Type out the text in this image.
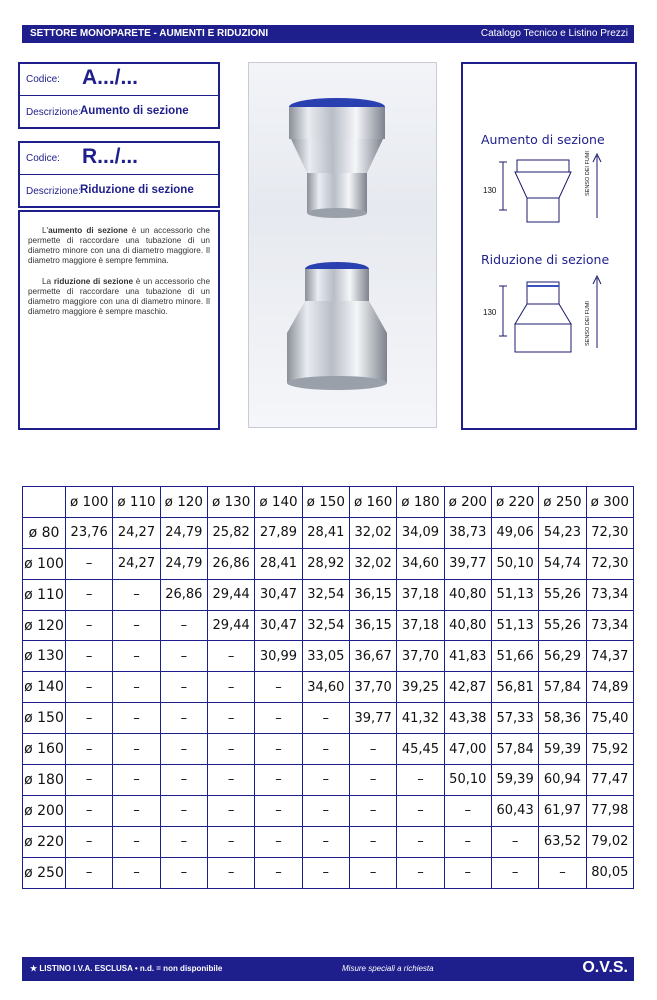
SETTORE MONOPARETE - AUMENTI E RIDUZIONI	Catalogo Tecnico e Listino Prezzi
Codice: A.../...
Descrizione:
Aumento di sezione
Codice: R.../...
Descrizione:
Riduzione di sezione
L'aumento di sezione è un accessorio che permette di raccordare una tubazione di un diametro minore con una di diametro maggiore. Il diametro maggiore è sempre femmina.
La riduzione di sezione è un accessorio che permette di raccordare una tubazione di un diametro maggiore con una di diametro minore. Il diametro maggiore è sempre maschio.
Aumento di sezione
130	SENSO DEI FUMI
Riduzione di sezione
130	SENSO DEI FUMI
	ø 100	ø 110	ø 120	ø 130	ø 140	ø 150	ø 160	ø 180	ø 200	ø 220	ø 250	ø 300
ø 80	23,76	24,27	24,79	25,82	27,89	28,41	32,02	34,09	38,73	49,06	54,23	72,30
ø 100	–	24,27	24,79	26,86	28,41	28,92	32,02	34,60	39,77	50,10	54,74	72,30
ø 110	–	–	26,86	29,44	30,47	32,54	36,15	37,18	40,80	51,13	55,26	73,34
ø 120	–	–	–	29,44	30,47	32,54	36,15	37,18	40,80	51,13	55,26	73,34
ø 130	–	–	–	–	30,99	33,05	36,67	37,70	41,83	51,66	56,29	74,37
ø 140	–	–	–	–	–	34,60	37,70	39,25	42,87	56,81	57,84	74,89
ø 150	–	–	–	–	–	–	39,77	41,32	43,38	57,33	58,36	75,40
ø 160	–	–	–	–	–	–	–	45,45	47,00	57,84	59,39	75,92
ø 180	–	–	–	–	–	–	–	–	50,10	59,39	60,94	77,47
ø 200	–	–	–	–	–	–	–	–	–	60,43	61,97	77,98
ø 220	–	–	–	–	–	–	–	–	–	–	63,52	79,02
ø 250	–	–	–	–	–	–	–	–	–	–	–	80,05
★ LISTINO I.V.A. ESCLUSA • n.d. = non disponibile	Misure speciali a richiesta	O.V.S.
